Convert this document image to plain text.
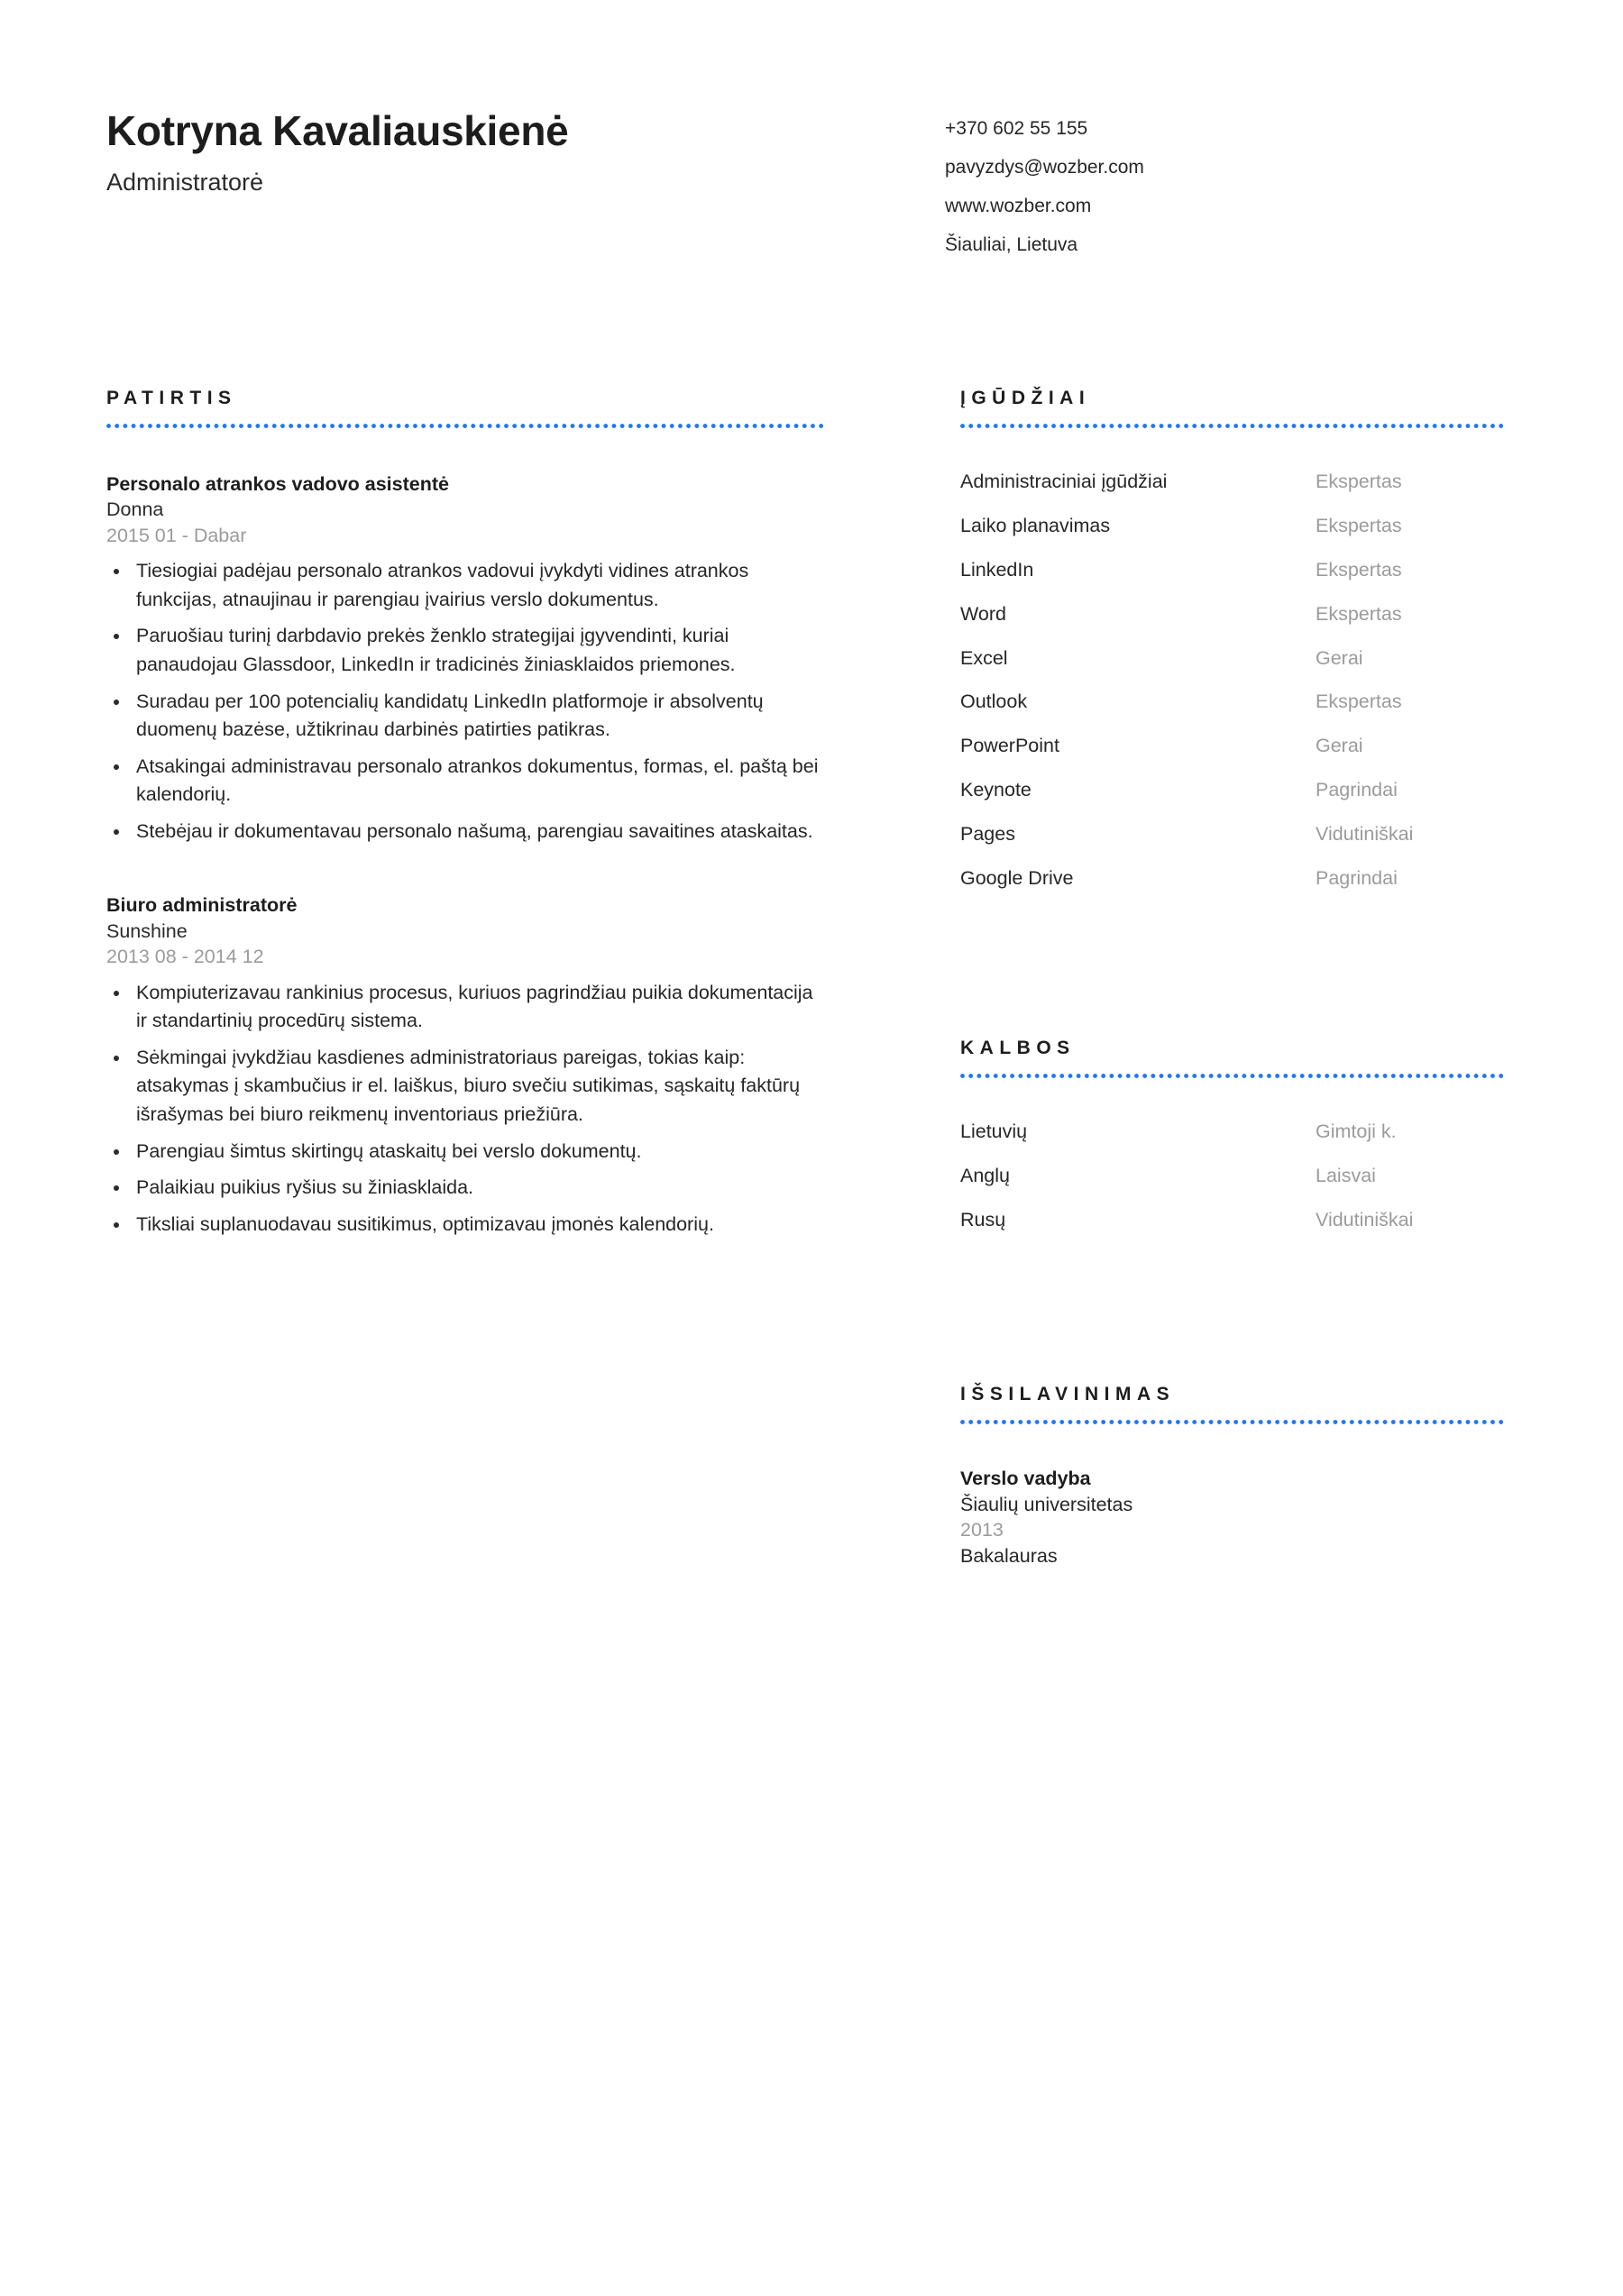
Kotryna Kavaliauskienė
Administratorė
+370 602 55 155
pavyzdys@wozber.com
www.wozber.com
Šiauliai, Lietuva
PATIRTIS
Personalo atrankos vadovo asistentė
Donna
2015 01 - Dabar
Tiesiogiai padėjau personalo atrankos vadovui įvykdyti vidines atrankos funkcijas, atnaujinau ir parengiau įvairius verslo dokumentus.
Paruošiau turinį darbdavio prekės ženklo strategijai įgyvendinti, kuriai panaudojau Glassdoor, LinkedIn ir tradicinės žiniasklaidos priemones.
Suradau per 100 potencialių kandidatų LinkedIn platformoje ir absolventų duomenų bazėse, užtikrinau darbinės patirties patikras.
Atsakingai administravau personalo atrankos dokumentus, formas, el. paštą bei kalendorių.
Stebėjau ir dokumentavau personalo našumą, parengiau savaitines ataskaitas.
Biuro administratorė
Sunshine
2013 08 - 2014 12
Kompiuterizavau rankinius procesus, kuriuos pagrindžiau puikia dokumentacija ir standartinių procedūrų sistema.
Sėkmingai įvykdžiau kasdienes administratoriaus pareigas, tokias kaip: atsakymas į skambučius ir el. laiškus, biuro svečiu sutikimas, sąskaitų faktūrų išrašymas bei biuro reikmenų inventoriaus priežiūra.
Parengiau šimtus skirtingų ataskaitų bei verslo dokumentų.
Palaikiau puikius ryšius su žiniasklaida.
Tiksliai suplanuodavau susitikimus, optimizavau įmonės kalendorių.
ĮGŪDŽIAI
Administraciniai įgūdžiai	Ekspertas
Laiko planavimas	Ekspertas
LinkedIn	Ekspertas
Word	Ekspertas
Excel	Gerai
Outlook	Ekspertas
PowerPoint	Gerai
Keynote	Pagrindai
Pages	Vidutiniškai
Google Drive	Pagrindai
KALBOS
Lietuvių	Gimtoji k.
Anglų	Laisvai
Rusų	Vidutiniškai
IŠSILAVINIMAS
Verslo vadyba
Šiaulių universitetas
2013
Bakalauras
